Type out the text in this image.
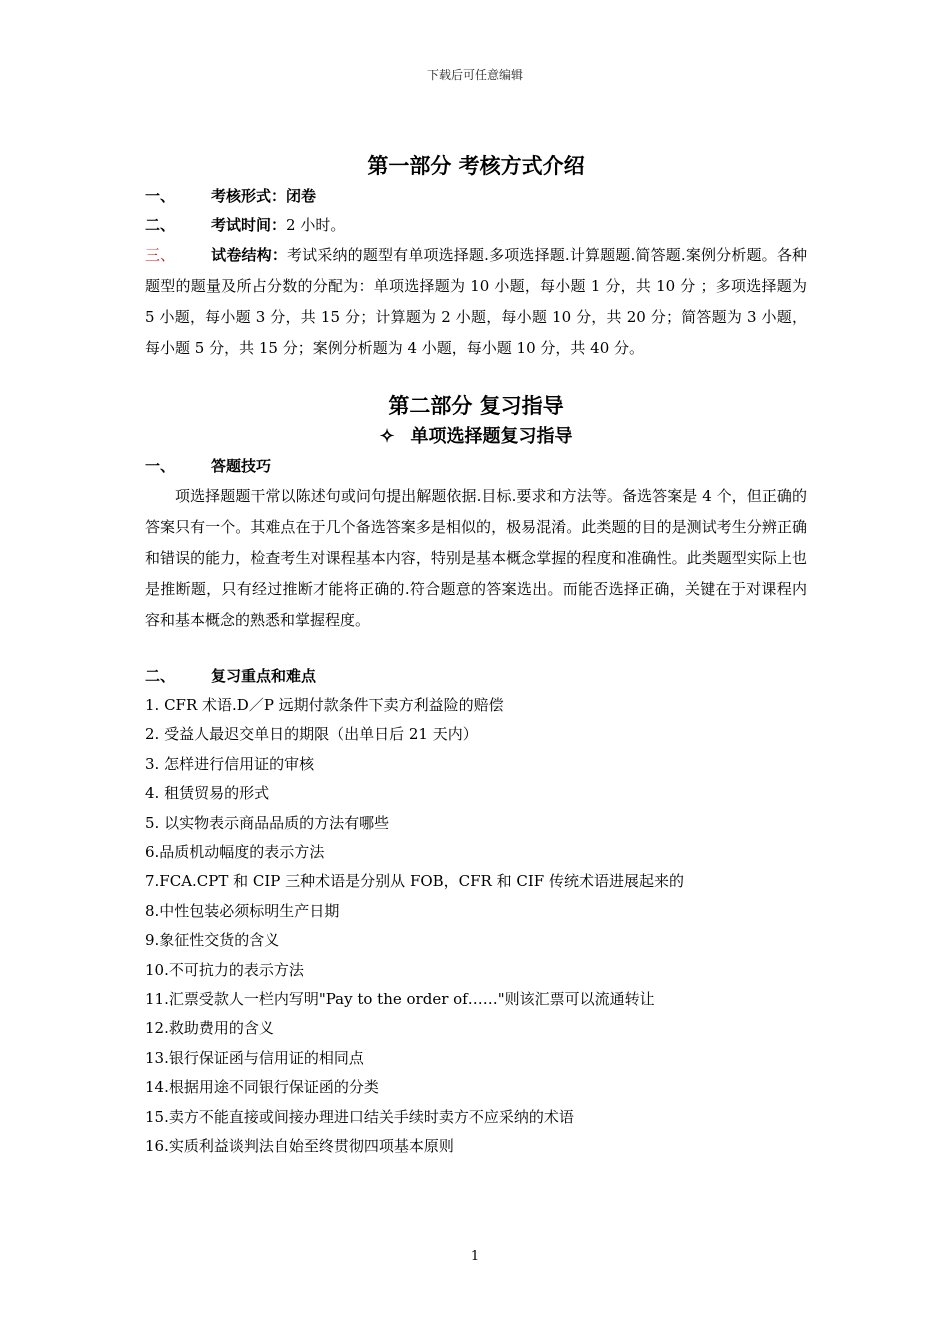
下载后可任意编辑
第一部分 考核方式介绍

一、 考核形式：闭卷

二、 考试时间：2 小时。

三、 试卷结构：考试采纳的题型有单项选择题.多项选择题.计算题题.简答题.案例分析题。各种题型的题量及所占分数的分配为：单项选择题为 10 小题，每小题 1 分，共 10 分 ；多项选择题为 5 小题，每小题 3 分，共 15 分；计算题为 2 小题，每小题 10 分，共 20 分；简答题为 3 小题，每小题 5 分，共 15 分；案例分析题为 4 小题，每小题 10 分，共 40 分。

第二部分 复习指导
✧ 单项选择题复习指导

一、 答题技巧

项选择题题干常以陈述句或问句提出解题依据.目标.要求和方法等。备选答案是 4 个，但正确的答案只有一个。其难点在于几个备选答案多是相似的，极易混淆。此类题的目的是测试考生分辨正确和错误的能力，检查考生对课程基本内容，特别是基本概念掌握的程度和准确性。此类题型实际上也是推断题，只有经过推断才能将正确的.符合题意的答案选出。而能否选择正确，关键在于对课程内容和基本概念的熟悉和掌握程度。

二、 复习重点和难点

1. CFR 术语.D／P 远期付款条件下卖方利益险的赔偿
2. 受益人最迟交单日的期限（出单日后 21 天内）
3. 怎样进行信用证的审核
4. 租赁贸易的形式
5. 以实物表示商品品质的方法有哪些
6.品质机动幅度的表示方法
7.FCA.CPT 和 CIP 三种术语是分别从 FOB，CFR 和 CIF 传统术语进展起来的
8.中性包装必须标明生产日期
9.象征性交货的含义
10.不可抗力的表示方法
11.汇票受款人一栏内写明"Pay to the order of……"则该汇票可以流通转让
12.救助费用的含义
13.银行保证函与信用证的相同点
14.根据用途不同银行保证函的分类
15.卖方不能直接或间接办理进口结关手续时卖方不应采纳的术语
16.实质利益谈判法自始至终贯彻四项基本原则
1
